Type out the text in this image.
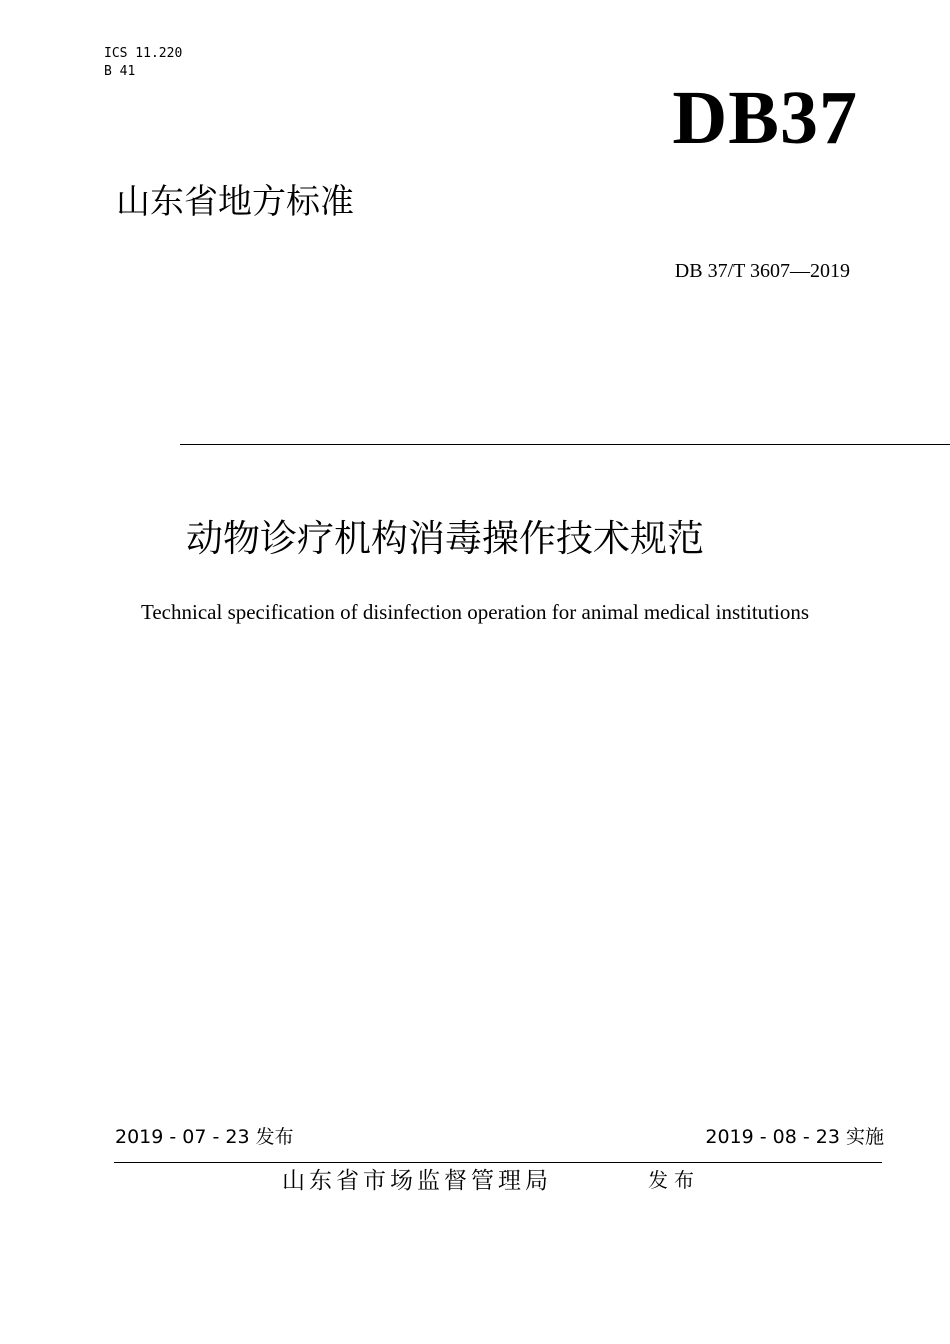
ICS 11.220
B 41
DB37
山东省地方标准
DB 37/T 3607—2019
动物诊疗机构消毒操作技术规范
Technical specification of disinfection operation for animal medical institutions
2019 - 07 - 23 发布	2019 - 08 - 23 实施
山东省市场监督管理局	发布
